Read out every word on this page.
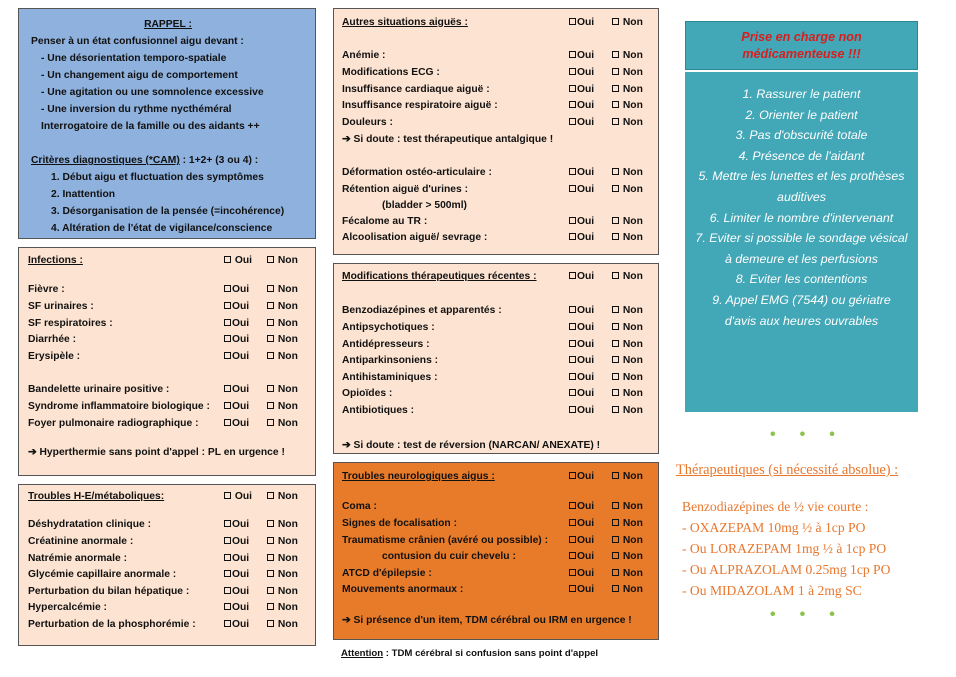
RAPPEL :
Penser à un état confusionnel aigu devant :
- Une désorientation temporo-spatiale
- Un changement aigu de comportement
- Une agitation ou une somnolence excessive
- Une inversion du rythme nycthéméral
Interrogatoire de la famille ou des aidants ++
Critères diagnostiques (*CAM) : 1+2+ (3 ou 4) :
1. Début aigu et fluctuation des symptômes
2. Inattention
3. Désorganisation de la pensée (=incohérence)
4. Altération de l'état de vigilance/conscience
Infections :	Oui	Non
Fièvre :	Oui	Non
SF urinaires :	Oui	Non
SF respiratoires :	Oui	Non
Diarrhée :	Oui	Non
Erysipèle :	Oui	Non
Bandelette urinaire positive :	Oui	Non
Syndrome inflammatoire biologique :	Oui	Non
Foyer pulmonaire radiographique :	Oui	Non
➔ Hyperthermie sans point d'appel : PL en urgence !
Troubles H-E/métaboliques:	Oui	Non
Déshydratation clinique :	Oui	Non
Créatinine anormale :	Oui	Non
Natrémie anormale :	Oui	Non
Glycémie capillaire anormale :	Oui	Non
Perturbation du bilan hépatique :	Oui	Non
Hypercalcémie :	Oui	Non
Perturbation de la phosphorémie :	Oui	Non
Autres situations aiguës :	Oui	Non
Anémie :	Oui	Non
Modifications ECG :	Oui	Non
Insuffisance cardiaque aiguë :	Oui	Non
Insuffisance respiratoire aiguë :	Oui	Non
Douleurs :	Oui	Non
➔ Si doute : test thérapeutique antalgique !
Déformation ostéo-articulaire :	Oui	Non
Rétention aiguë d'urines :	Oui	Non
(bladder > 500ml)
Fécalome au TR :	Oui	Non
Alcoolisation aiguë/ sevrage :	Oui	Non
Modifications thérapeutiques récentes :	Oui	Non
Benzodiazépines et apparentés :	Oui	Non
Antipsychotiques :	Oui	Non
Antidépresseurs :	Oui	Non
Antiparkinsoniens :	Oui	Non
Antihistaminiques :	Oui	Non
Opioïdes :	Oui	Non
Antibiotiques :	Oui	Non
➔ Si doute : test de réversion (NARCAN/ ANEXATE) !
Troubles neurologiques aigus :	Oui	Non
Coma :	Oui	Non
Signes de focalisation :	Oui	Non
Traumatisme crânien (avéré ou possible) :	Oui	Non
contusion du cuir chevelu :	Oui	Non
ATCD d'épilepsie :	Oui	Non
Mouvements anormaux :	Oui	Non
➔ Si présence d'un item, TDM cérébral ou IRM en urgence !
Attention : TDM cérébral si confusion sans point d'appel
Prise en charge non médicamenteuse !!!
1. Rassurer le patient
2. Orienter le patient
3. Pas d'obscurité totale
4. Présence de l'aidant
5. Mettre les lunettes et les prothèses auditives
6. Limiter le nombre d'intervenant
7. Eviter si possible le sondage vésical à demeure et les perfusions
8. Eviter les contentions
9. Appel EMG (7544) ou gériatre d'avis aux heures ouvrables
•••
Thérapeutiques (si nécessité absolue) :
Benzodiazépines de ½ vie courte :
- OXAZEPAM 10mg ½ à 1cp PO
- Ou LORAZEPAM 1mg ½ à 1cp PO
- Ou ALPRAZOLAM 0.25mg 1cp PO
- Ou MIDAZOLAM 1 à 2mg SC
•••
